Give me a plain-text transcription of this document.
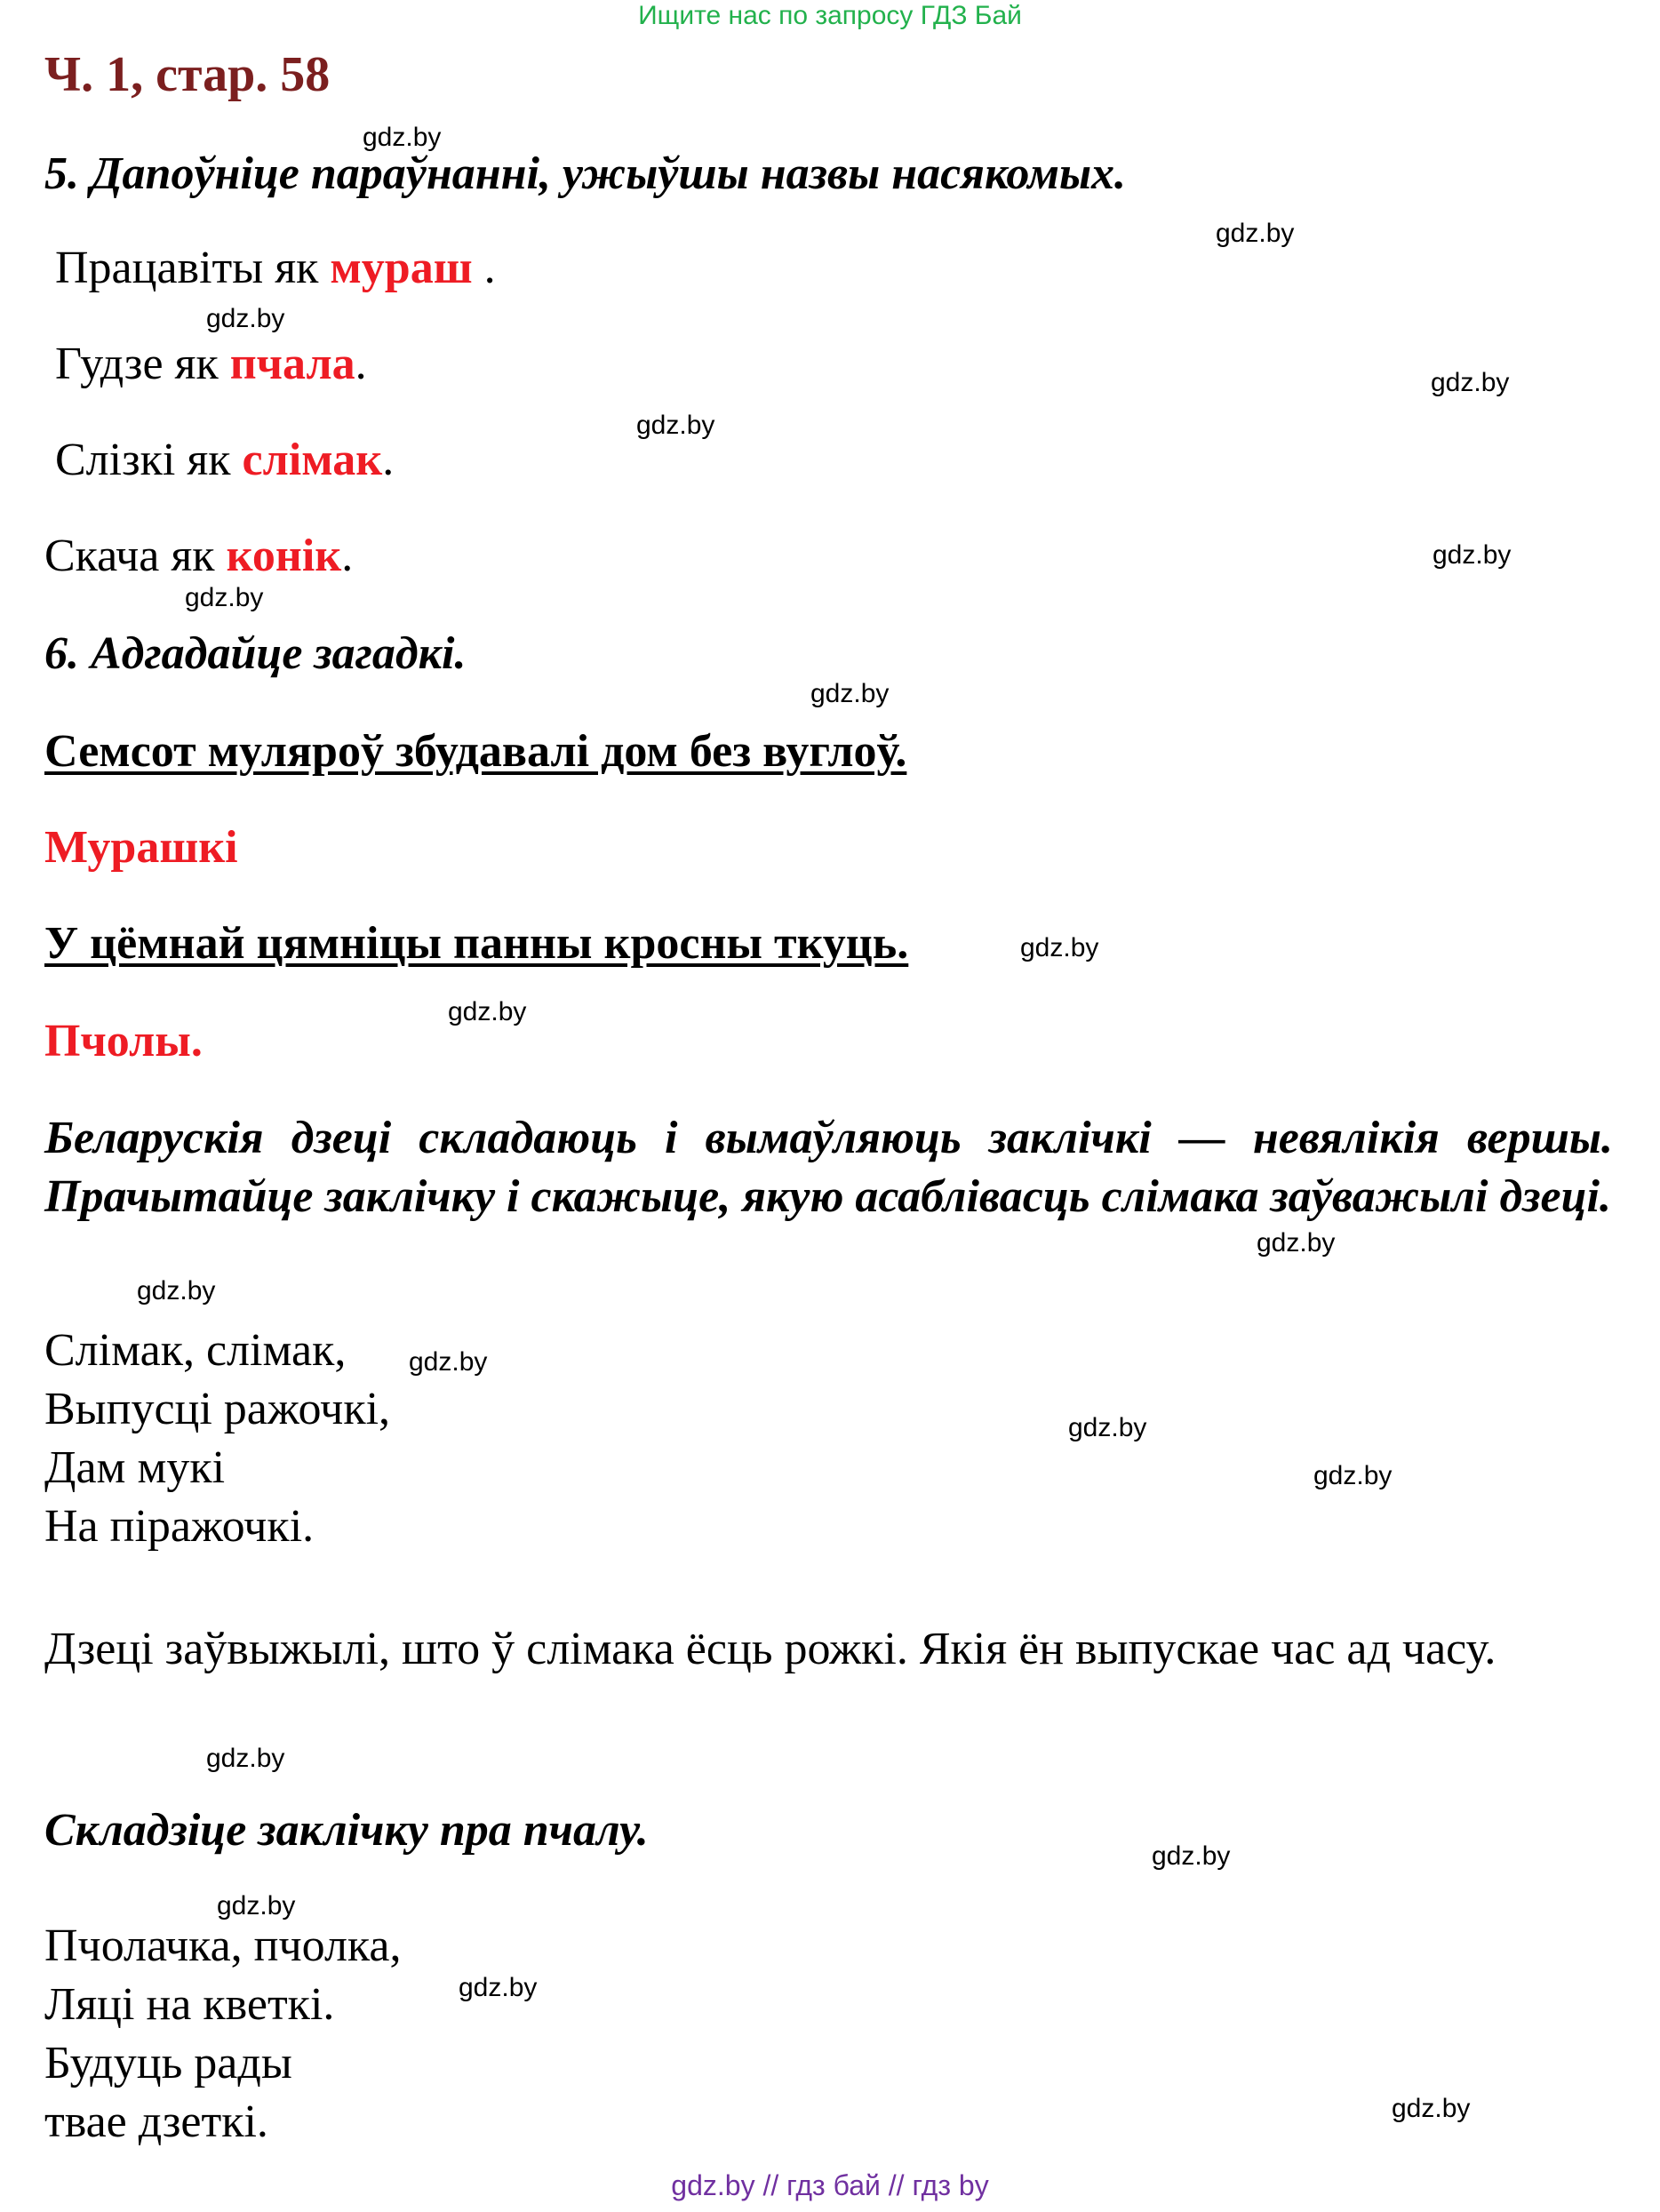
Ищите нас по запросу ГДЗ Бай
Ч. 1, стар. 58
5. Дапоўніце параўнанні, ужыўшы назвы насякомых.
Працавіты як мураш .
Гудзе як пчала.
Слізкі як слімак.
Скача як конік.
6. Адгадайце загадкі.
Семсот муляроў збудавалі дом без вуглоў.
Мурашкі
У цёмнай цямніцы панны кросны ткуць.
Пчолы.
Беларускія дзеці складаюць і вымаўляюць заклічкі — невялікія вершы. Прачытайце заклічку і скажыце, якую асаблівасць слімака заўважылі дзеці.
Слімак, слімак,
Выпусці ражочкі,
Дам мукі
На піражочкі.
Дзеці заўвыжылі, што ў слімака ёсць рожкі. Якія ён выпускае час ад часу.
Складзіце заклічку пра пчалу.
Пчолачка, пчолка,
Ляці на кветкі.
Будуць рады
твае дзеткі.
gdz.by
gdz.by
gdz.by
gdz.by
gdz.by
gdz.by
gdz.by
gdz.by
gdz.by
gdz.by
gdz.by
gdz.by
gdz.by
gdz.by
gdz.by
gdz.by
gdz.by
gdz.by
gdz.by
gdz.by
gdz.by // гдз бай // гдз by
